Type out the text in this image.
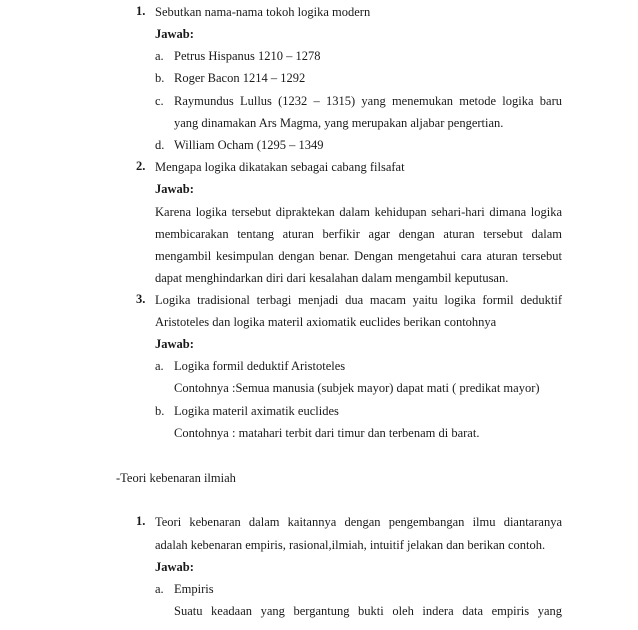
1. Sebutkan nama-nama tokoh logika modern
Jawab:
a. Petrus Hispanus 1210 – 1278
b. Roger Bacon 1214 – 1292
c. Raymundus Lullus (1232 – 1315) yang menemukan metode logika baru
yang dinamakan Ars Magma, yang merupakan aljabar pengertian.
d. William Ocham (1295 – 1349
2. Mengapa logika dikatakan sebagai cabang filsafat
Jawab:
Karena logika tersebut dipraktekan dalam kehidupan sehari-hari dimana logika
membicarakan tentang aturan berfikir agar dengan aturan tersebut dalam
mengambil kesimpulan dengan benar. Dengan mengetahui cara aturan tersebut
dapat menghindarkan diri dari kesalahan dalam mengambil keputusan.
3. Logika tradisional terbagi menjadi dua macam yaitu logika formil deduktif
Aristoteles dan logika materil axiomatik euclides berikan contohnya
Jawab:
a. Logika formil deduktif Aristoteles
Contohnya :Semua manusia (subjek mayor) dapat mati ( predikat mayor)
b. Logika materil aximatik euclides
Contohnya : matahari terbit dari timur dan terbenam di barat.
-Teori kebenaran ilmiah
1. Teori kebenaran dalam kaitannya dengan pengembangan ilmu diantaranya
adalah kebenaran empiris, rasional,ilmiah, intuitif jelakan dan berikan contoh.
Jawab:
a. Empiris
Suatu keadaan yang bergantung bukti oleh indera data empiris yang
